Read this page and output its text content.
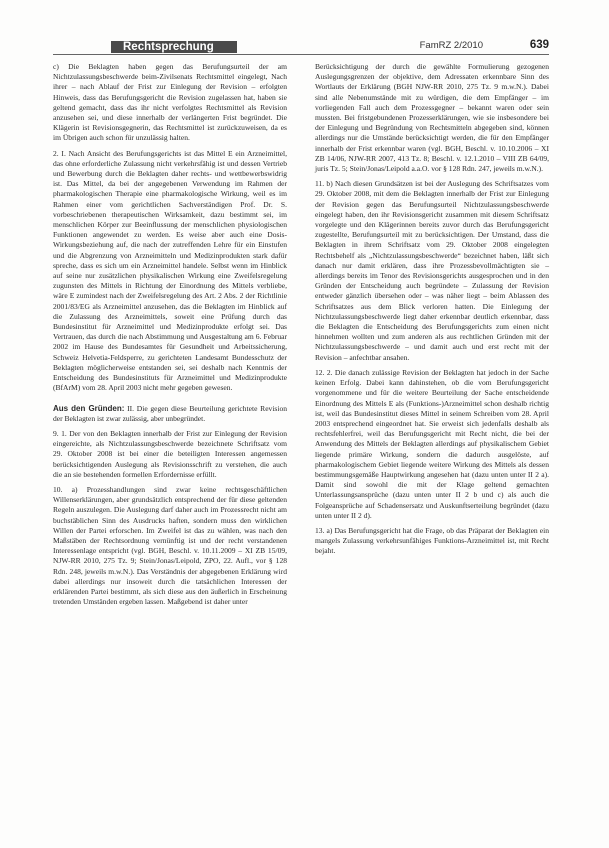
Rechtsprechung	FamRZ 2/2010	639

c) Die Beklagten haben gegen das Berufungsurteil der am Nichtzulassungsbeschwerde beim-Zivilsenats Rechtsmittel eingelegt, Nach ihrer – nach Ablauf der Frist zur Einlegung der Revision – erfolgten Hinweis, dass das Berufungsgericht die Revision zugelassen hat, haben sie geltend gemacht, dass das ihr nicht verfolgtes Rechtsmittel als Revision anzusehen sei, und diese innerhalb der verlängerten Frist begründet. Die Klägerin ist Revisionsgegnerin, das Rechtsmittel ist zurückzuweisen, da es im Übrigen auch schon für unzulässig halten.

2. I. Nach Ansicht des Berufungsgerichts ist das Mittel E ein Arzneimittel, das ohne erforderliche Zulassung nicht verkehrsfähig ist und dessen Vertrieb und Bewerbung durch die Beklagten daher rechts- und wettbewerbswidrig ist. Das Mittel, da bei der angegebenen Verwendung im Rahmen der pharmakologischen Therapie eine pharmakologische Wirkung, weil es im Rahmen einer vom gerichtlichen Sachverständigen Prof. Dr. S. vorbeschriebenen therapeutischen Wirksamkeit, dazu bestimmt sei, im menschlichen Körper zur Beeinflussung der menschlichen physiologischen Funktionen angewendet zu werden. Es weise aber auch eine Dosis-Wirkungsbeziehung auf, die nach der zutreffenden Lehre für ein Einstufen und die Abgrenzung von Arzneimitteln und Medizinprodukten stark dafür spreche, dass es sich um ein Arzneimittel handele. Selbst wenn im Hinblick auf seine nur zusätzlichen physikalischen Wirkung eine Zweifelsregelung zugunsten des Mittels in Richtung der Einordnung des Mittels verbliebe, wäre E zumindest nach der Zweifelsregelung des Art. 2 Abs. 2 der Richtlinie 2001/83/EG als Arzneimittel anzusehen, das die Beklagten im Hinblick auf die Zulassung des Arzneimittels, soweit eine Prüfung durch das Bundesinstitut für Arzneimittel und Medizinprodukte erfolgt sei. Das Vertrauen, das durch die nach Abstimmung und Ausgestaltung am 6. Februar 2002 im Hause des Bundesamtes für Gesundheit und Arbeitssicherung, Schweiz Helvetia-Feldsperre, zu gerichteten Landesamt Bundesschutz der Beklagten möglicherweise entstanden sei, sei deshalb nach Kenntnis der Entscheidung des Bundesinstituts für Arzneimittel und Medizinprodukte (BfArM) vom 28. April 2003 nicht mehr gegeben gewesen.

Aus den Gründen: II. Die gegen diese Beurteilung gerichtete Revision der Beklagten ist zwar zulässig, aber unbegründet.

9. 1. Der von den Beklagten innerhalb der Frist zur Einlegung der Revision eingereichte, als Nichtzulassungsbeschwerde bezeichnete Schriftsatz vom 29. Oktober 2008 ist bei einer die beteiligten Interessen angemessen berücksichtigenden Auslegung als Revisionsschrift zu verstehen, die auch die an sie bestehenden formellen Erfordernisse erfüllt.

10. a) Prozesshandlungen sind zwar keine rechtsgeschäftlichen Willenserklärungen, aber grundsätzlich entsprechend der für diese geltenden Regeln auszulegen. Die Auslegung darf daher auch im Prozessrecht nicht am buchstäblichen Sinn des Ausdrucks haften, sondern muss den wirklichen Willen der Partei erforschen. Im Zweifel ist das zu wählen, was nach den Maßstäben der Rechtsordnung vernünftig ist und der recht verstandenen Interessenlage entspricht (vgl. BGH, Beschl. v. 10.11.2009 – XI ZB 15/09, NJW-RR 2010, 275 Tz. 9; Stein/Jonas/Leipold, ZPO, 22. Aufl., vor § 128 Rdn. 248, jeweils m.w.N.). Das Verständnis der abgegebenen Erklärung wird dabei allerdings nur insoweit durch die tatsächlichen Interessen der erklärenden Partei bestimmt, als sich diese aus den äußerlich in Erscheinung tretenden Umständen ergeben lassen. Maßgebend ist daher unter

Berücksichtigung der durch die gewählte Formulierung gezogenen Auslegungsgrenzen der objektive, dem Adressaten erkennbare Sinn des Wortlauts der Erklärung (BGH NJW-RR 2010, 275 Tz. 9 m.w.N.). Dabei sind alle Nebenumstände mit zu würdigen, die dem Empfänger – im vorliegenden Fall auch dem Prozessgegner – bekannt waren oder sein mussten. Bei fristgebundenen Prozesserklärungen, wie sie insbesondere bei der Einlegung und Begründung von Rechtsmitteln abgegeben sind, können allerdings nur die Umstände berücksichtigt werden, die für den Empfänger innerhalb der Frist erkennbar waren (vgl. BGH, Beschl. v. 10.10.2006 – XI ZB 14/06, NJW-RR 2007, 413 Tz. 8; Beschl. v. 12.1.2010 – VIII ZB 64/09, juris Tz. 5; Stein/Jonas/Leipold a.a.O. vor § 128 Rdn. 247, jeweils m.w.N.).

11. b) Nach diesen Grundsätzen ist bei der Auslegung des Schriftsatzes vom 29. Oktober 2008, mit dem die Beklagten innerhalb der Frist zur Einlegung der Revision gegen das Berufungsurteil Nichtzulassungsbeschwerde eingelegt haben, den ihr Revisionsgericht zusammen mit diesem Schriftsatz vorgelegte und den Klägerinnen bereits zuvor durch das Berufungsgericht zugestellte, Berufungsurteil mit zu berücksichtigen. Der Umstand, dass die Beklagten in ihrem Schriftsatz vom 29. Oktober 2008 eingelegten Rechtsbehelf als „Nichtzulassungsbeschwerde“ bezeichnet haben, läßt sich danach nur damit erklären, dass ihre Prozessbevollmächtigten sie – allerdings bereits im Tenor des Revisionsgerichts ausgesprochen und in den Gründen der Entscheidung auch begründete – Zulassung der Revision entweder gänzlich übersehen oder – was näher liegt – beim Ablassen des Schriftsatzes aus dem Blick verloren hatten. Die Einlegung der Nichtzulassungsbeschwerde liegt daher erkennbar deutlich erkennbar, dass die Beklagten die Entscheidung des Berufungsgerichts zum einen nicht hinnehmen wollten und zum anderen als aus rechtlichen Gründen mit der Nichtzulassungsbeschwerde – und damit auch und erst recht mit der Revision – anfechtbar ansahen.

12. 2. Die danach zulässige Revision der Beklagten hat jedoch in der Sache keinen Erfolg. Dabei kann dahinstehen, ob die vom Berufungsgericht vorgenommene und für die weitere Beurteilung der Sache entscheidende Einordnung des Mittels E als (Funktions-)Arzneimittel schon deshalb richtig ist, weil das Bundesinstitut dieses Mittel in seinem Schreiben vom 28. April 2003 entsprechend eingeordnet hat. Sie erweist sich jedenfalls deshalb als rechtsfehlerfrei, weil das Berufungsgericht mit Recht nicht, die bei der Anwendung des Mittels der Beklagten allerdings auf physikalischem Gebiet liegende primäre Wirkung, sondern die dadurch ausgelöste, auf pharmakologischem Gebiet liegende weitere Wirkung des Mittels als dessen bestimmungsgemäße Hauptwirkung angesehen hat (dazu unten unter II 2 a). Damit sind sowohl die mit der Klage geltend gemachten Unterlassungsansprüche (dazu unten unter II 2 b und c) als auch die Folgeansprüche auf Schadensersatz und Auskunftserteilung begründet (dazu unten unter II 2 d).

13. a) Das Berufungsgericht hat die Frage, ob das Präparat der Beklagten ein mangels Zulassung verkehrsunfähiges Funktions-Arzneimittel ist, mit Recht bejaht.
